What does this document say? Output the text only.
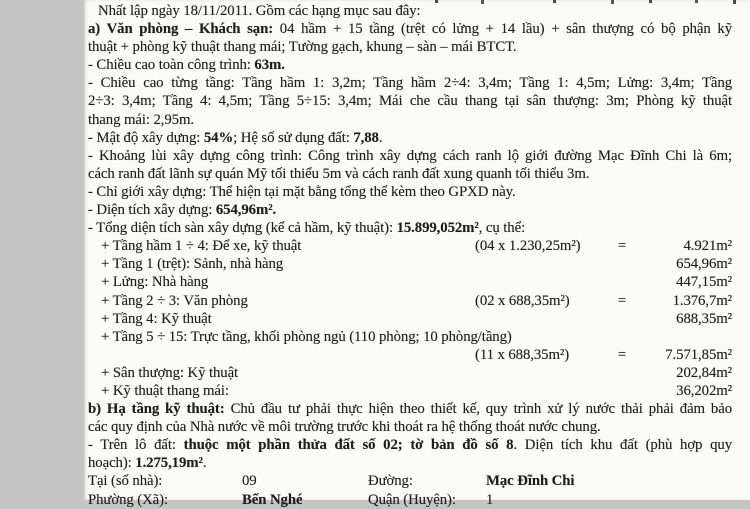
Nhất lập ngày 18/11/2011. Gồm các hạng mục sau đây:
a) Văn phòng – Khách sạn: 04 hầm + 15 tầng (trệt có lửng + 14 lầu) + sân thượng có bộ phận kỹ
thuật + phòng kỹ thuật thang mái; Tường gạch, khung – sàn – mái BTCT.
- Chiều cao toàn công trình: 63m.
- Chiều cao từng tầng: Tầng hầm 1: 3,2m; Tầng hầm 2÷4: 3,4m; Tầng 1: 4,5m; Lửng: 3,4m; Tầng
2÷3: 3,4m; Tầng 4: 4,5m; Tầng 5÷15: 3,4m; Mái che cầu thang tại sân thượng: 3m; Phòng kỹ thuật
thang mái: 2,95m.
- Mật độ xây dựng: 54%; Hệ số sử dụng đất: 7,88.
- Khoảng lùi xây dựng công trình: Công trình xây dựng cách ranh lộ giới đường Mạc Đĩnh Chi là 6m;
cách ranh đất lãnh sự quán Mỹ tối thiểu 5m và cách ranh đất xung quanh tối thiểu 3m.
- Chỉ giới xây dựng: Thể hiện tại mặt bằng tổng thể kèm theo GPXD này.
- Diện tích xây dựng: 654,96m².
- Tổng diện tích sàn xây dựng (kể cả hầm, kỹ thuật): 15.899,052m², cụ thể:
+ Tầng hầm 1 ÷ 4: Để xe, kỹ thuật	(04 x 1.230,25m²)	=	4.921m²
+ Tầng 1 (trệt): Sảnh, nhà hàng	654,96m²
+ Lửng: Nhà hàng	447,15m²
+ Tầng 2 ÷ 3: Văn phòng	(02 x 688,35m²)	=	1.376,7m²
+ Tầng 4: Kỹ thuật	688,35m²
+ Tầng 5 ÷ 15: Trực tầng, khối phòng ngủ (110 phòng; 10 phòng/tầng)
(11 x 688,35m²)	=	7.571,85m²
+ Sân thượng: Kỹ thuật	202,84m²
+ Kỹ thuật thang mái:	36,202m²
b) Hạ tầng kỹ thuật: Chủ đầu tư phải thực hiện theo thiết kế, quy trình xử lý nước thải phải đảm bảo
các quy định của Nhà nước về môi trường trước khi thoát ra hệ thống thoát nước chung.
- Trên lô đất: thuộc một phần thửa đất số 02; tờ bản đồ số 8. Diện tích khu đất (phù hợp quy
hoạch): 1.275,19m².
Tại (số nhà):	09	Đường:	Mạc Đĩnh Chi
Phường (Xã):	Bến Nghé	Quận (Huyện):	1
